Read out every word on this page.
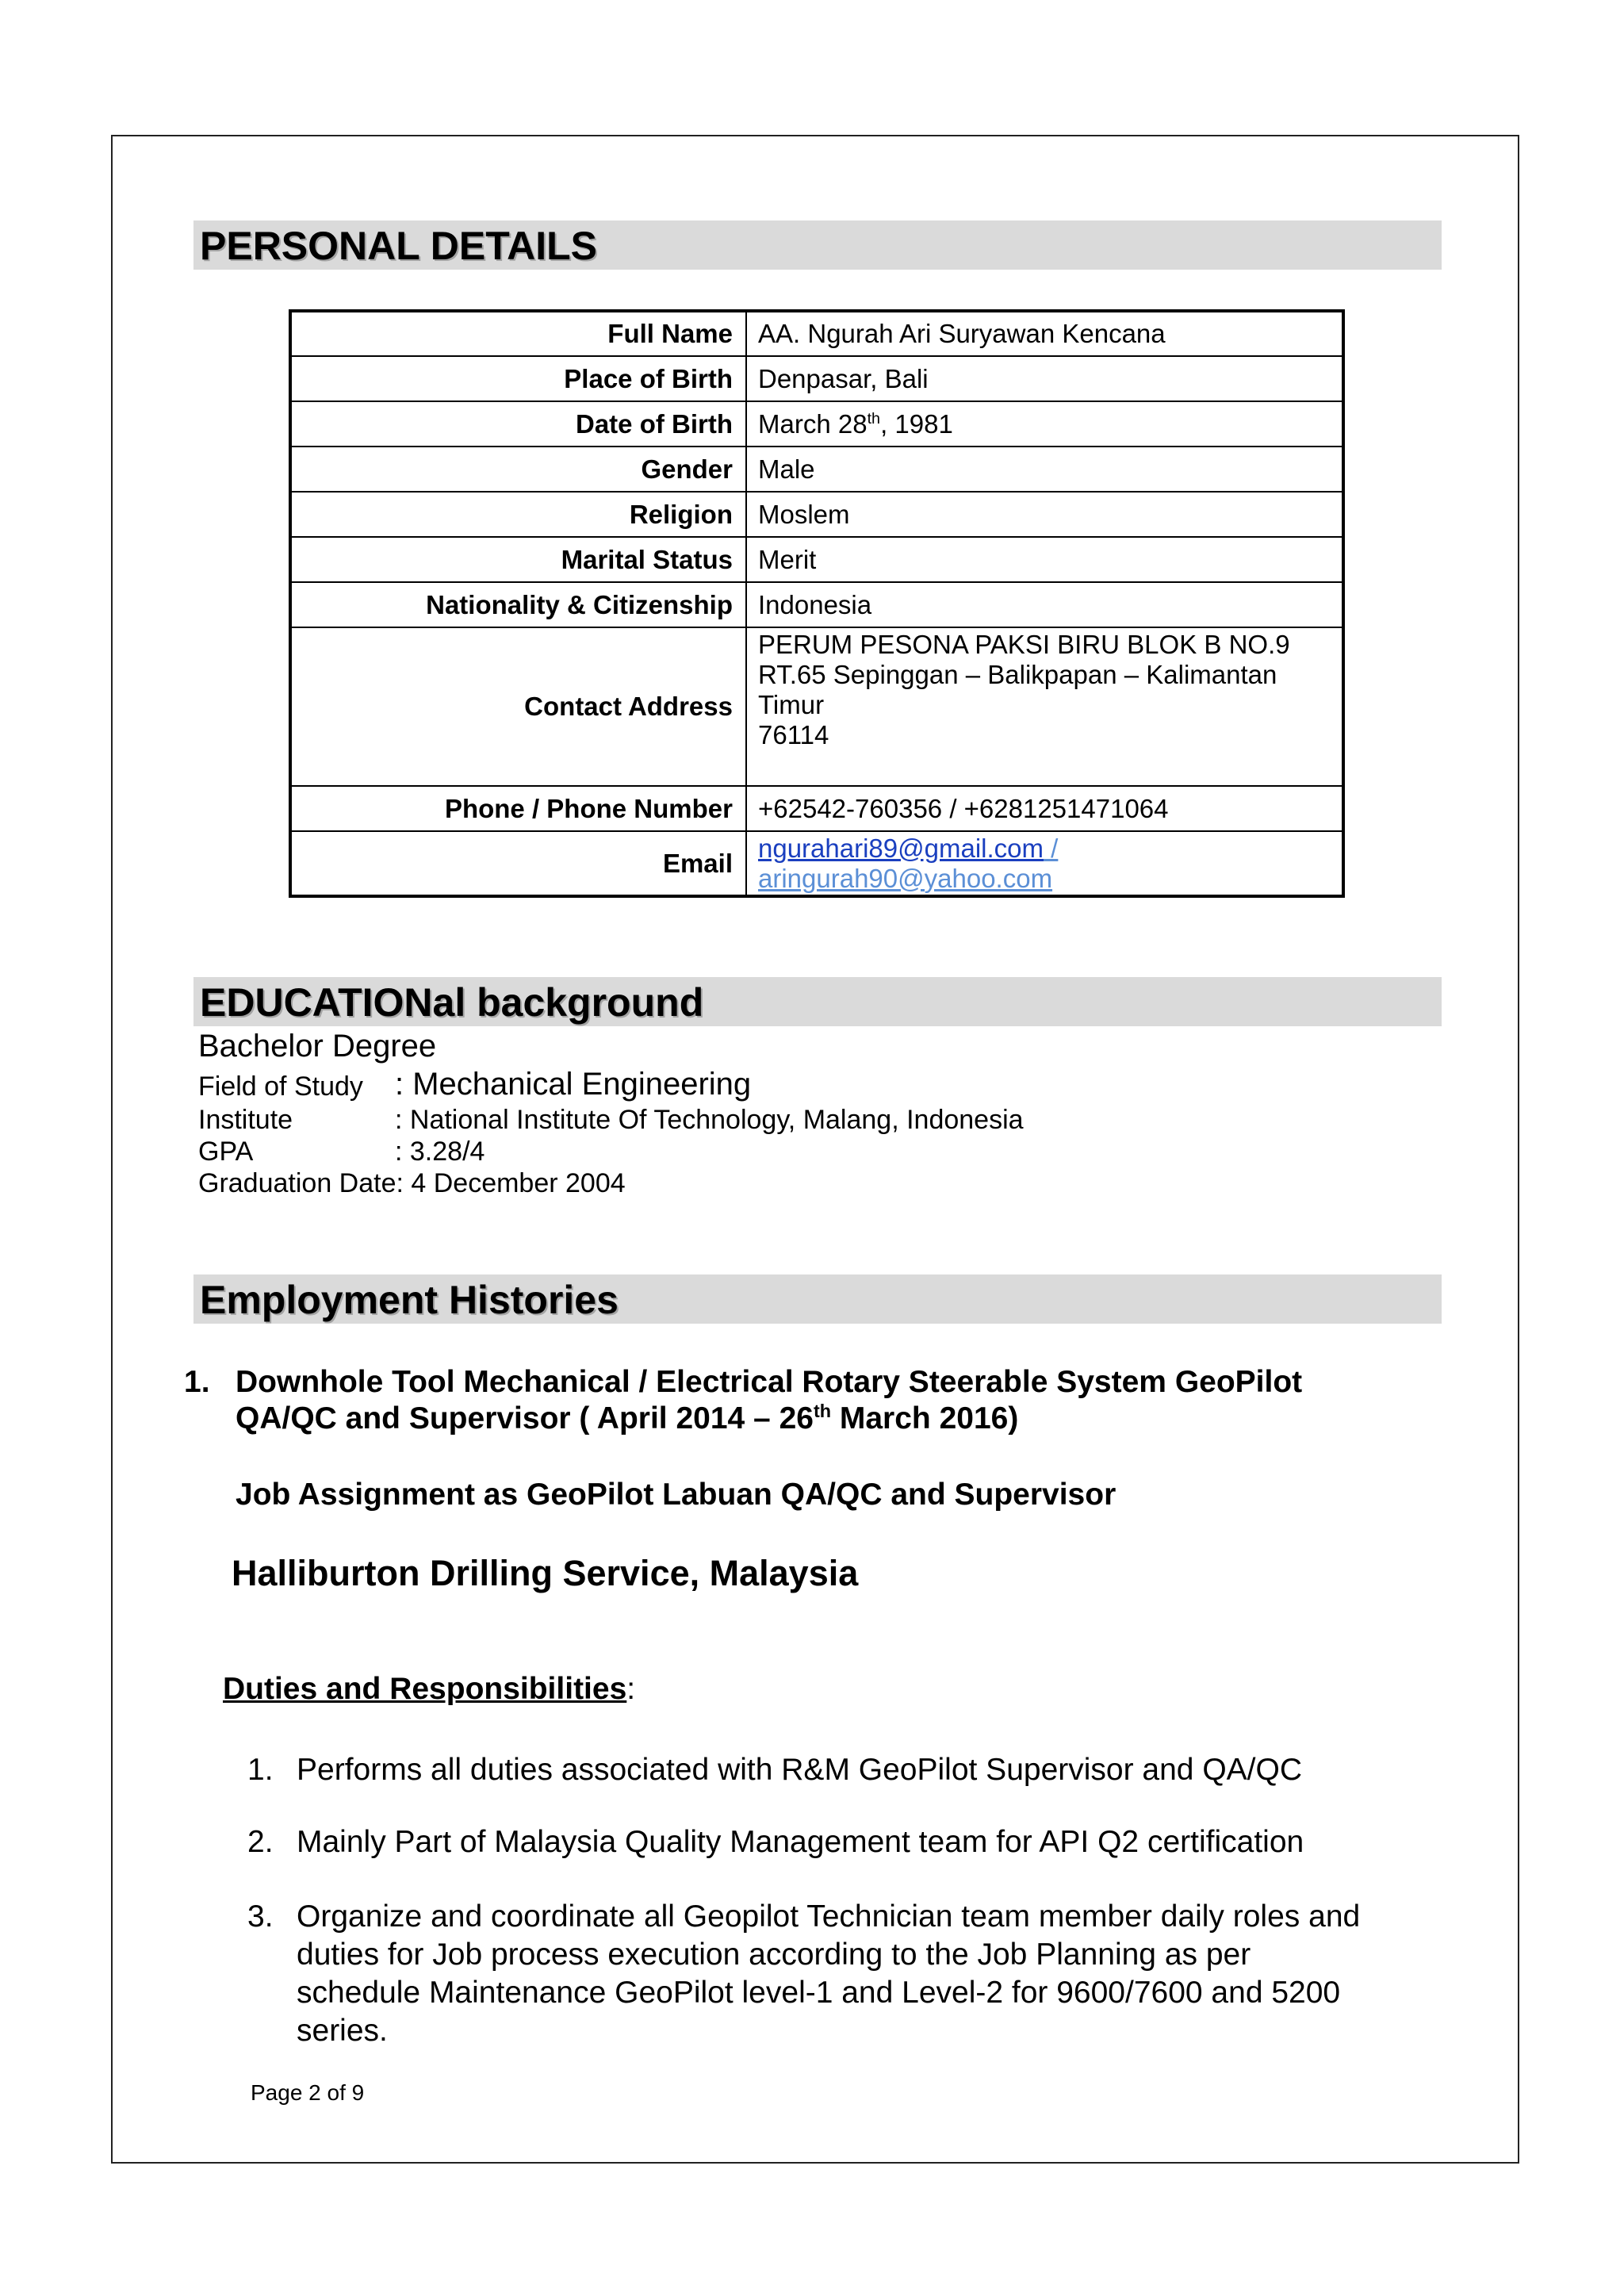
PERSONAL DETAILS
Full Name	AA. Ngurah Ari Suryawan Kencana
Place of Birth	Denpasar, Bali
Date of Birth	March 28th, 1981
Gender	Male
Religion	Moslem
Marital Status	Merit
Nationality & Citizenship	Indonesia
Contact Address	PERUM PESONA PAKSI BIRU BLOK B NO.9
RT.65 Sepinggan – Balikpapan – Kalimantan
Timur
76114

Phone / Phone Number	+62542-760356 / +6281251471064
Email	ngurahari89@gmail.com /
aringurah90@yahoo.com
EDUCATIONal background
Bachelor Degree
Field of Study : Mechanical Engineering
Institute	: National Institute Of Technology, Malang, Indonesia
GPA	: 3.28/4
Graduation Date: 4 December 2004
Employment Histories
1. Downhole Tool Mechanical / Electrical Rotary Steerable System GeoPilot
QA/QC and Supervisor ( April 2014 – 26th March 2016)
Job Assignment as GeoPilot Labuan QA/QC and Supervisor
Halliburton Drilling Service, Malaysia
Duties and Responsibilities:
1. Performs all duties associated with R&M GeoPilot Supervisor and QA/QC
2. Mainly Part of Malaysia Quality Management team for API Q2 certification
3. Organize and coordinate all Geopilot Technician team member daily roles and
duties for Job process execution according to the Job Planning as per
schedule Maintenance GeoPilot level-1 and Level-2 for 9600/7600 and 5200
series.
Page 2 of 9
